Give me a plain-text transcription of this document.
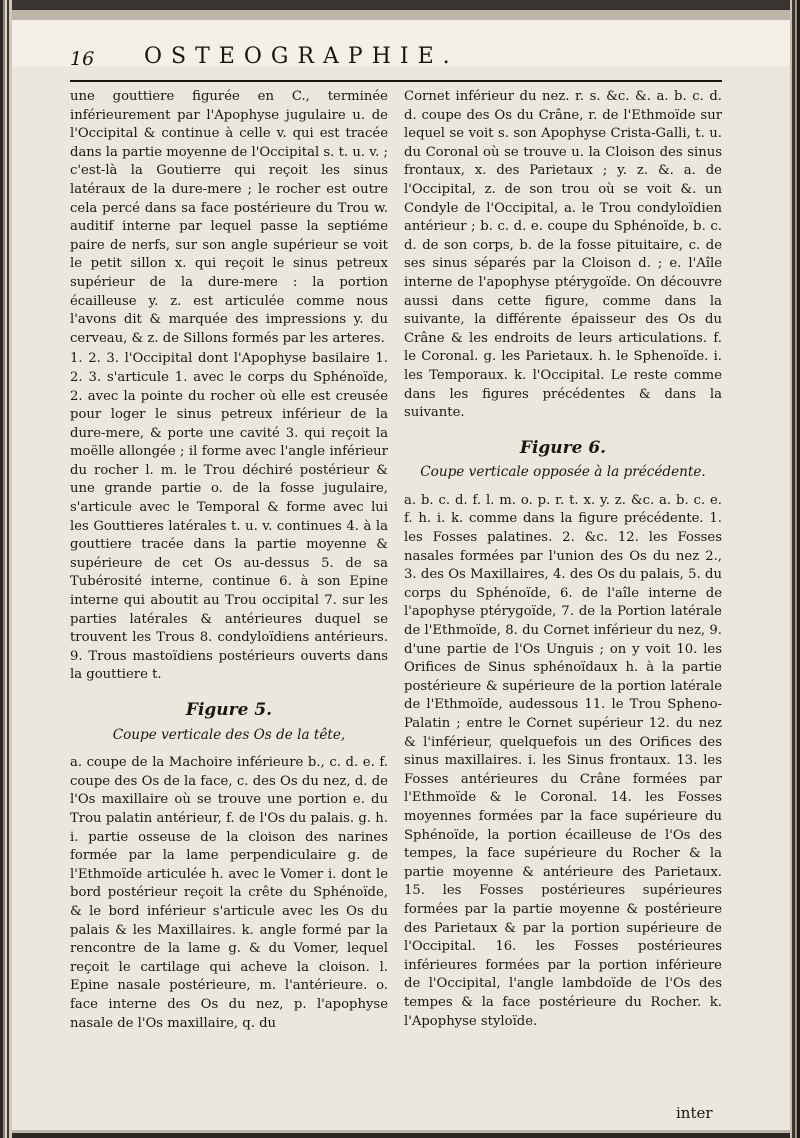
16 OSTEOGRAPHIE.

une gouttiere figurée en C., terminée inférieurement par l'Apophyse jugulaire u. de l'Occipital & continue à celle v. qui est tracée dans la partie moyenne de l'Occipital s. t. u. v. ; c'est-là la Goutierre qui reçoit les sinus latéraux de la dure-mere ; le rocher est outre cela percé dans sa face postérieure du Trou w. auditif interne par lequel passe la septiéme paire de nerfs, sur son angle supérieur se voit le petit sillon x. qui reçoit le sinus petreux supérieur de la dure-mere : la portion écailleuse y. z. est articulée comme nous l'avons dit & marquée des impressions y. du cerveau, & z. de Sillons formés par les arteres.

1. 2. 3. l'Occipital dont l'Apophyse basilaire 1. 2. 3. s'articule 1. avec le corps du Sphénoïde, 2. avec la pointe du rocher où elle est creusée pour loger le sinus petreux inférieur de la dure-mere, & porte une cavité 3. qui reçoit la moëlle allongée ; il forme avec l'angle inférieur du rocher l. m. le Trou déchiré postérieur & une grande partie o. de la fosse jugulaire, s'articule avec le Temporal & forme avec lui les Gouttieres latérales t. u. v. continues 4. à la gouttiere tracée dans la partie moyenne & supérieure de cet Os au-dessus 5. de sa Tubérosité interne, continue 6. à son Epine interne qui aboutit au Trou occipital 7. sur les parties latérales & antérieures duquel se trouvent les Trous 8. condyloïdiens antérieurs. 9. Trous mastoïdiens postérieurs ouverts dans la gouttiere t.

Figure 5.
Coupe verticale des Os de la tête,

a. coupe de la Machoire inférieure b., c. d. e. f. coupe des Os de la face, c. des Os du nez, d. de l'Os maxillaire où se trouve une portion e. du Trou palatin antérieur, f. de l'Os du palais. g. h. i. partie osseuse de la cloison des narines formée par la lame perpendiculaire g. de l'Ethmoïde articulée h. avec le Vomer i. dont le bord postérieur reçoit la crête du Sphénoïde, & le bord inférieur s'articule avec les Os du palais & les Maxillaires. k. angle formé par la rencontre de la lame g. & du Vomer, lequel reçoit le cartilage qui acheve la cloison. l. Epine nasale postérieure, m. l'antérieure. o. face interne des Os du nez, p. l'apophyse nasale de l'Os maxillaire, q. du

Cornet inférieur du nez. r. s. &c. &. a. b. c. d. d. coupe des Os du Crâne, r. de l'Ethmoïde sur lequel se voit s. son Apophyse Crista-Galli, t. u. du Coronal où se trouve u. la Cloison des sinus frontaux, x. des Parietaux ; y. z. &. a. de l'Occipital, z. de son trou où se voit &. un Condyle de l'Occipital, a. le Trou condyloïdien antérieur ; b. c. d. e. coupe du Sphénoïde, b. c. d. de son corps, b. de la fosse pituitaire, c. de ses sinus séparés par la Cloison d. ; e. l'Aîle interne de l'apophyse ptérygoïde. On découvre aussi dans cette figure, comme dans la suivante, la différente épaisseur des Os du Crâne & les endroits de leurs articulations. f. le Coronal. g. les Parietaux. h. le Sphenoïde. i. les Temporaux. k. l'Occipital. Le reste comme dans les figures précédentes & dans la suivante.

Figure 6.
Coupe verticale opposée à la précédente.

a. b. c. d. f. l. m. o. p. r. t. x. y. z. &c. a. b. c. e. f. h. i. k. comme dans la figure précédente. 1. les Fosses palatines. 2. &c. 12. les Fosses nasales formées par l'union des Os du nez 2., 3. des Os Maxillaires, 4. des Os du palais, 5. du corps du Sphénoïde, 6. de l'aîle interne de l'apophyse ptérygoïde, 7. de la Portion latérale de l'Ethmoïde, 8. du Cornet inférieur du nez, 9. d'une partie de l'Os Unguis ; on y voit 10. les Orifices de Sinus sphénoïdaux h. à la partie postérieure & supérieure de la portion latérale de l'Ethmoïde, audessous 11. le Trou Spheno-Palatin ; entre le Cornet supérieur 12. du nez & l'inférieur, quelquefois un des Orifices des sinus maxillaires. i. les Sinus frontaux. 13. les Fosses antérieures du Crâne formées par l'Ethmoïde & le Coronal. 14. les Fosses moyennes formées par la face supérieure du Sphénoïde, la portion écailleuse de l'Os des tempes, la face supérieure du Rocher & la partie moyenne & antérieure des Parietaux. 15. les Fosses postérieures supérieures formées par la partie moyenne & postérieure des Parietaux & par la portion supérieure de l'Occipital. 16. les Fosses postérieures inférieures formées par la portion inférieure de l'Occipital, l'angle lambdoïde de l'Os des tempes & la face postérieure du Rocher. k. l'Apophyse styloïde.

inter
